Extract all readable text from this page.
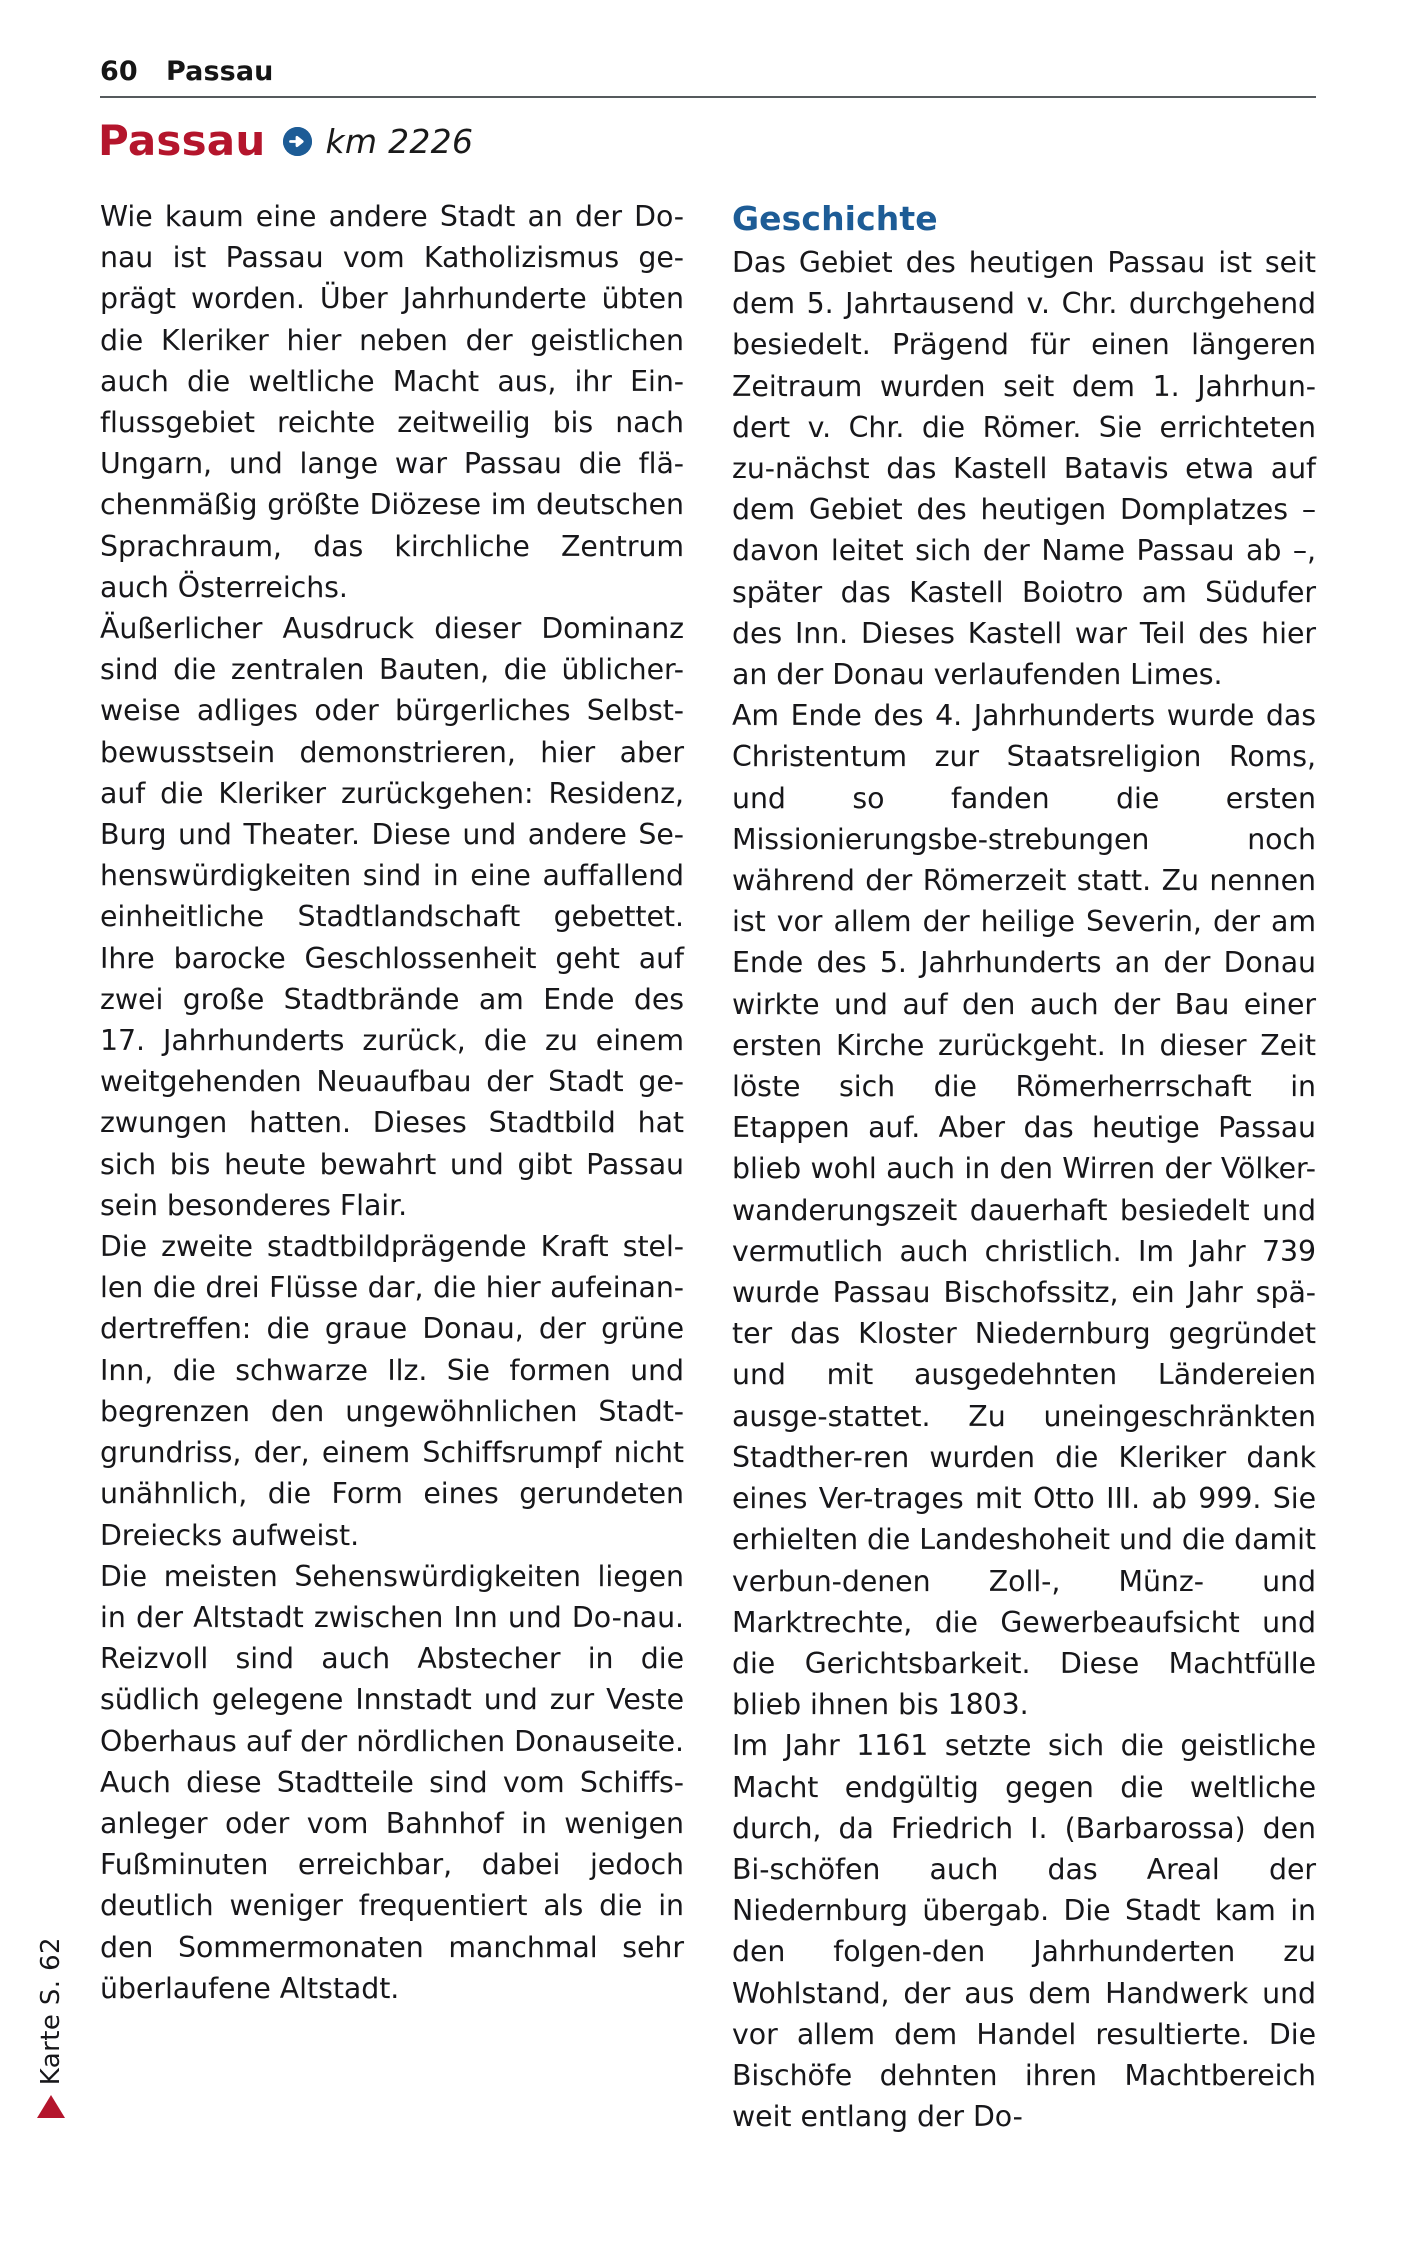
60	Passau
Passau km 2226

Wie kaum eine andere Stadt an der Do-nau ist Passau vom Katholizismus ge-prägt worden. Über Jahrhunderte übten die Kleriker hier neben der geistlichen auch die weltliche Macht aus, ihr Ein-flussgebiet reichte zeitweilig bis nach Ungarn, und lange war Passau die flä-chenmäßig größte Diözese im deutschen Sprachraum, das kirchliche Zentrum auch Österreichs.

Äußerlicher Ausdruck dieser Dominanz sind die zentralen Bauten, die üblicher-weise adliges oder bürgerliches Selbst-bewusstsein demonstrieren, hier aber auf die Kleriker zurückgehen: Residenz, Burg und Theater. Diese und andere Se-henswürdigkeiten sind in eine auffallend einheitliche Stadtlandschaft gebettet. Ihre barocke Geschlossenheit geht auf zwei große Stadtbrände am Ende des 17. Jahrhunderts zurück, die zu einem weitgehenden Neuaufbau der Stadt ge-zwungen hatten. Dieses Stadtbild hat sich bis heute bewahrt und gibt Passau sein besonderes Flair.

Die zweite stadtbildprägende Kraft stel-len die drei Flüsse dar, die hier aufeinan-dertreffen: die graue Donau, der grüne Inn, die schwarze Ilz. Sie formen und begrenzen den ungewöhnlichen Stadt-grundriss, der, einem Schiffsrumpf nicht unähnlich, die Form eines gerundeten Dreiecks aufweist.

Die meisten Sehenswürdigkeiten liegen in der Altstadt zwischen Inn und Do-nau. Reizvoll sind auch Abstecher in die südlich gelegene Innstadt und zur Veste Oberhaus auf der nördlichen Donauseite. Auch diese Stadtteile sind vom Schiffs-anleger oder vom Bahnhof in wenigen Fußminuten erreichbar, dabei jedoch deutlich weniger frequentiert als die in den Sommermonaten manchmal sehr überlaufene Altstadt.

Geschichte

Das Gebiet des heutigen Passau ist seit dem 5. Jahrtausend v. Chr. durchgehend besiedelt. Prägend für einen längeren Zeitraum wurden seit dem 1. Jahrhun-dert v. Chr. die Römer. Sie errichteten zu-nächst das Kastell Batavis etwa auf dem Gebiet des heutigen Domplatzes – davon leitet sich der Name Passau ab –, später das Kastell Boiotro am Südufer des Inn. Dieses Kastell war Teil des hier an der Donau verlaufenden Limes.

Am Ende des 4. Jahrhunderts wurde das Christentum zur Staatsreligion Roms, und so fanden die ersten Missionierungsbe-strebungen noch während der Römerzeit statt. Zu nennen ist vor allem der heilige Severin, der am Ende des 5. Jahrhunderts an der Donau wirkte und auf den auch der Bau einer ersten Kirche zurückgeht. In dieser Zeit löste sich die Römerherrschaft in Etappen auf. Aber das heutige Passau blieb wohl auch in den Wirren der Völker-wanderungszeit dauerhaft besiedelt und vermutlich auch christlich. Im Jahr 739 wurde Passau Bischofssitz, ein Jahr spä-ter das Kloster Niedernburg gegründet und mit ausgedehnten Ländereien ausge-stattet. Zu uneingeschränkten Stadther-ren wurden die Kleriker dank eines Ver-trages mit Otto III. ab 999. Sie erhielten die Landeshoheit und die damit verbun-denen Zoll-, Münz- und Marktrechte, die Gewerbeaufsicht und die Gerichtsbarkeit. Diese Machtfülle blieb ihnen bis 1803.

Im Jahr 1161 setzte sich die geistliche Macht endgültig gegen die weltliche durch, da Friedrich I. (Barbarossa) den Bi-schöfen auch das Areal der Niedernburg übergab. Die Stadt kam in den folgen-den Jahrhunderten zu Wohlstand, der aus dem Handwerk und vor allem dem Handel resultierte. Die Bischöfe dehnten ihren Machtbereich weit entlang der Do-

Karte S. 62
